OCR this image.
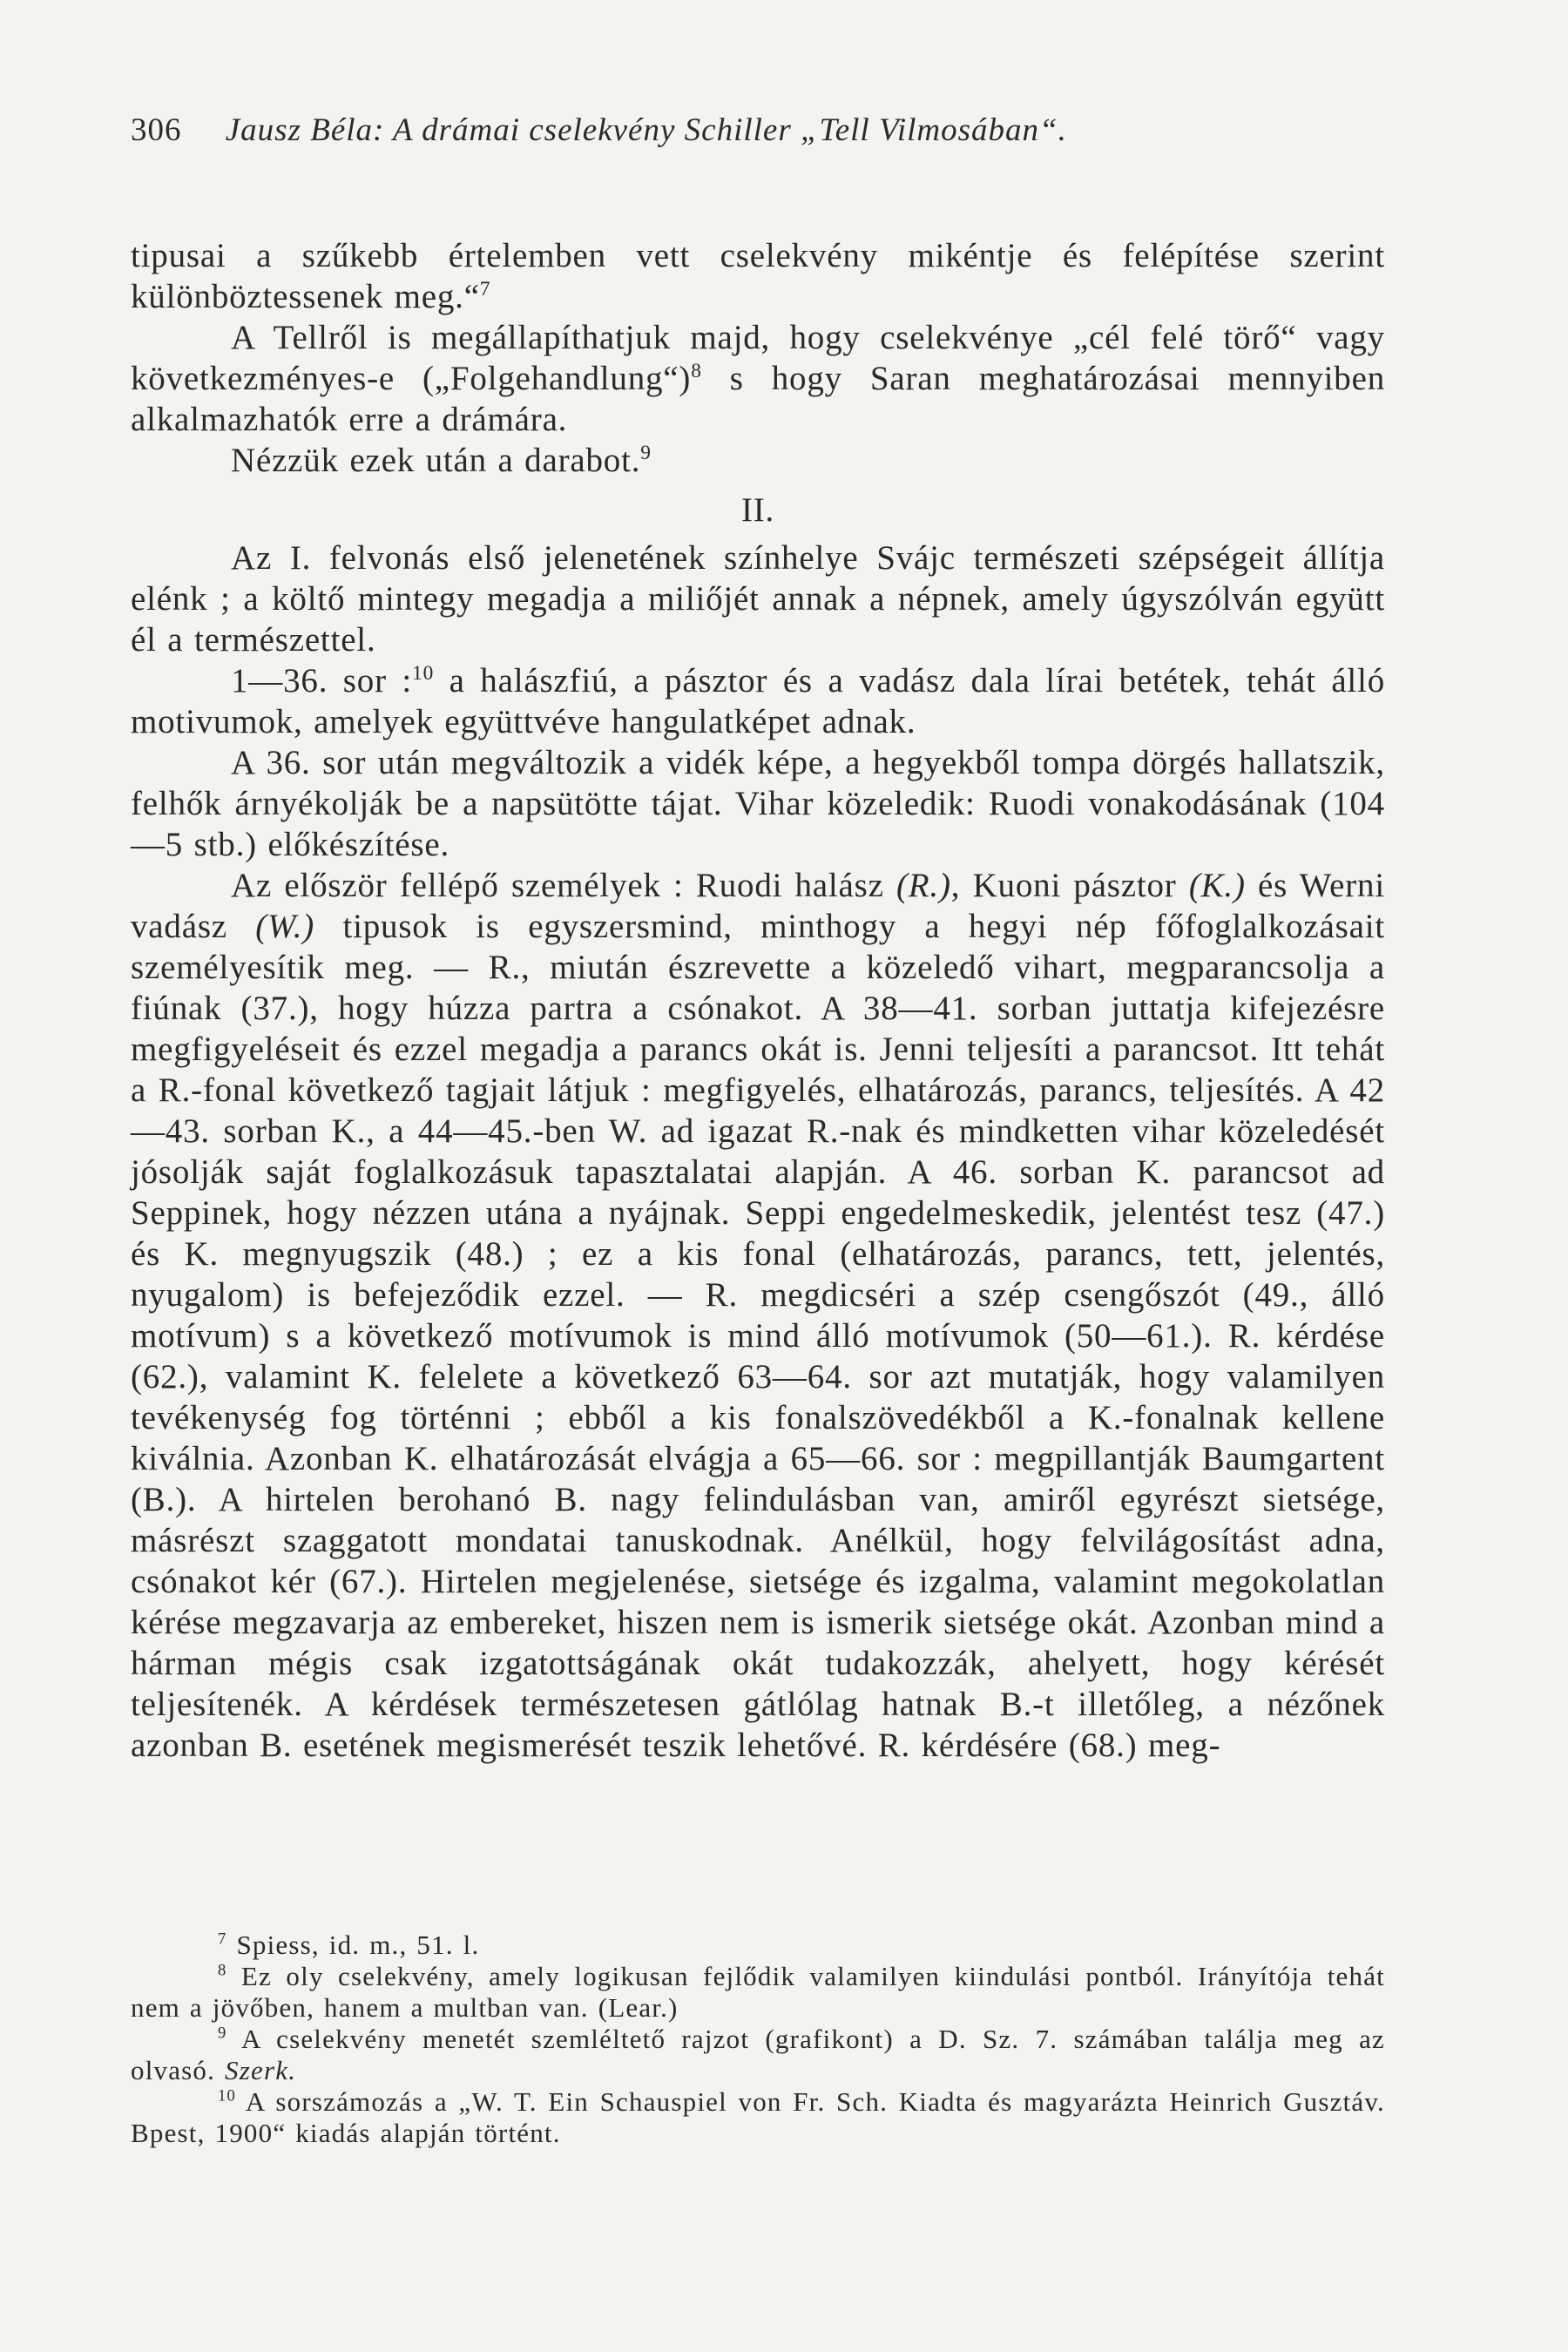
306 Jausz Béla: A drámai cselekvény Schiller „Tell Vilmosában“.

tipusai a szűkebb értelemben vett cselekvény mikéntje és felépítése szerint különböztessenek meg.“$^7$

A Tellről is megállapíthatjuk majd, hogy cselekvénye „cél felé törő“ vagy következményes-e („Folgehandlung“)$^8$ s hogy Saran meghatározásai mennyiben alkalmazhatók erre a drámára.

Nézzük ezek után a darabot.$^9$

II.

Az I. felvonás első jelenetének színhelye Svájc természeti szépségeit állítja elénk ; a költő mintegy megadja a miliőjét annak a népnek, amely úgyszólván együtt él a természettel.

1—36. sor :$^{10}$ a halászfiú, a pásztor és a vadász dala lírai betétek, tehát álló motivumok, amelyek együttvéve hangulatképet adnak.

A 36. sor után megváltozik a vidék képe, a hegyekből tompa dörgés hallatszik, felhők árnyékolják be a napsütötte tájat. Vihar közeledik: Ruodi vonakodásának (104—5 stb.) előkészítése.

Az először fellépő személyek : Ruodi halász (R.), Kuoni pásztor (K.) és Werni vadász (W.) tipusok is egyszersmind, minthogy a hegyi nép főfoglalkozásait személyesítik meg. — R., miután észrevette a közeledő vihart, megparancsolja a fiúnak (37.), hogy húzza partra a csónakot. A 38—41. sorban juttatja kifejezésre megfigyeléseit és ezzel megadja a parancs okát is. Jenni teljesíti a parancsot. Itt tehát a R.-fonal következő tagjait látjuk : megfigyelés, elhatározás, parancs, teljesítés. A 42—43. sorban K., a 44—45.-ben W. ad igazat R.-nak és mindketten vihar közeledését jósolják saját foglalkozásuk tapasztalatai alapján. A 46. sorban K. parancsot ad Seppinek, hogy nézzen utána a nyájnak. Seppi engedelmeskedik, jelentést tesz (47.) és K. megnyugszik (48.) ; ez a kis fonal (elhatározás, parancs, tett, jelentés, nyugalom) is befejeződik ezzel. — R. megdicséri a szép csengőszót (49., álló motívum) s a következő motívumok is mind álló motívumok (50—61.). R. kérdése (62.), valamint K. felelete a következő 63—64. sor azt mutatják, hogy valamilyen tevékenység fog történni ; ebből a kis fonalszövedékből a K.-fonalnak kellene kiválnia. Azonban K. elhatározását elvágja a 65—66. sor : megpillantják Baumgartent (B.). A hirtelen berohanó B. nagy felindulásban van, amiről egyrészt sietsége, másrészt szaggatott mondatai tanuskodnak. Anélkül, hogy felvilágosítást adna, csónakot kér (67.). Hirtelen megjelenése, sietsége és izgalma, valamint megokolatlan kérése megzavarja az embereket, hiszen nem is ismerik sietsége okát. Azonban mind a hárman mégis csak izgatottságának okát tudakozzák, ahelyett, hogy kérését teljesítenék. A kérdések természetesen gátlólag hatnak B.-t illetőleg, a nézőnek azonban B. esetének megismerését teszik lehetővé. R. kérdésére (68.) meg-

$^7$ Spiess, id. m., 51. l.

$^8$ Ez oly cselekvény, amely logikusan fejlődik valamilyen kiindulási pontból. Irányítója tehát nem a jövőben, hanem a multban van. (Lear.)

$^9$ A cselekvény menetét szemléltető rajzot (grafikont) a D. Sz. 7. számában találja meg az olvasó. Szerk.

$^{10}$ A sorszámozás a „W. T. Ein Schauspiel von Fr. Sch. Kiadta és magyarázta Heinrich Gusztáv. Bpest, 1900“ kiadás alapján történt.
